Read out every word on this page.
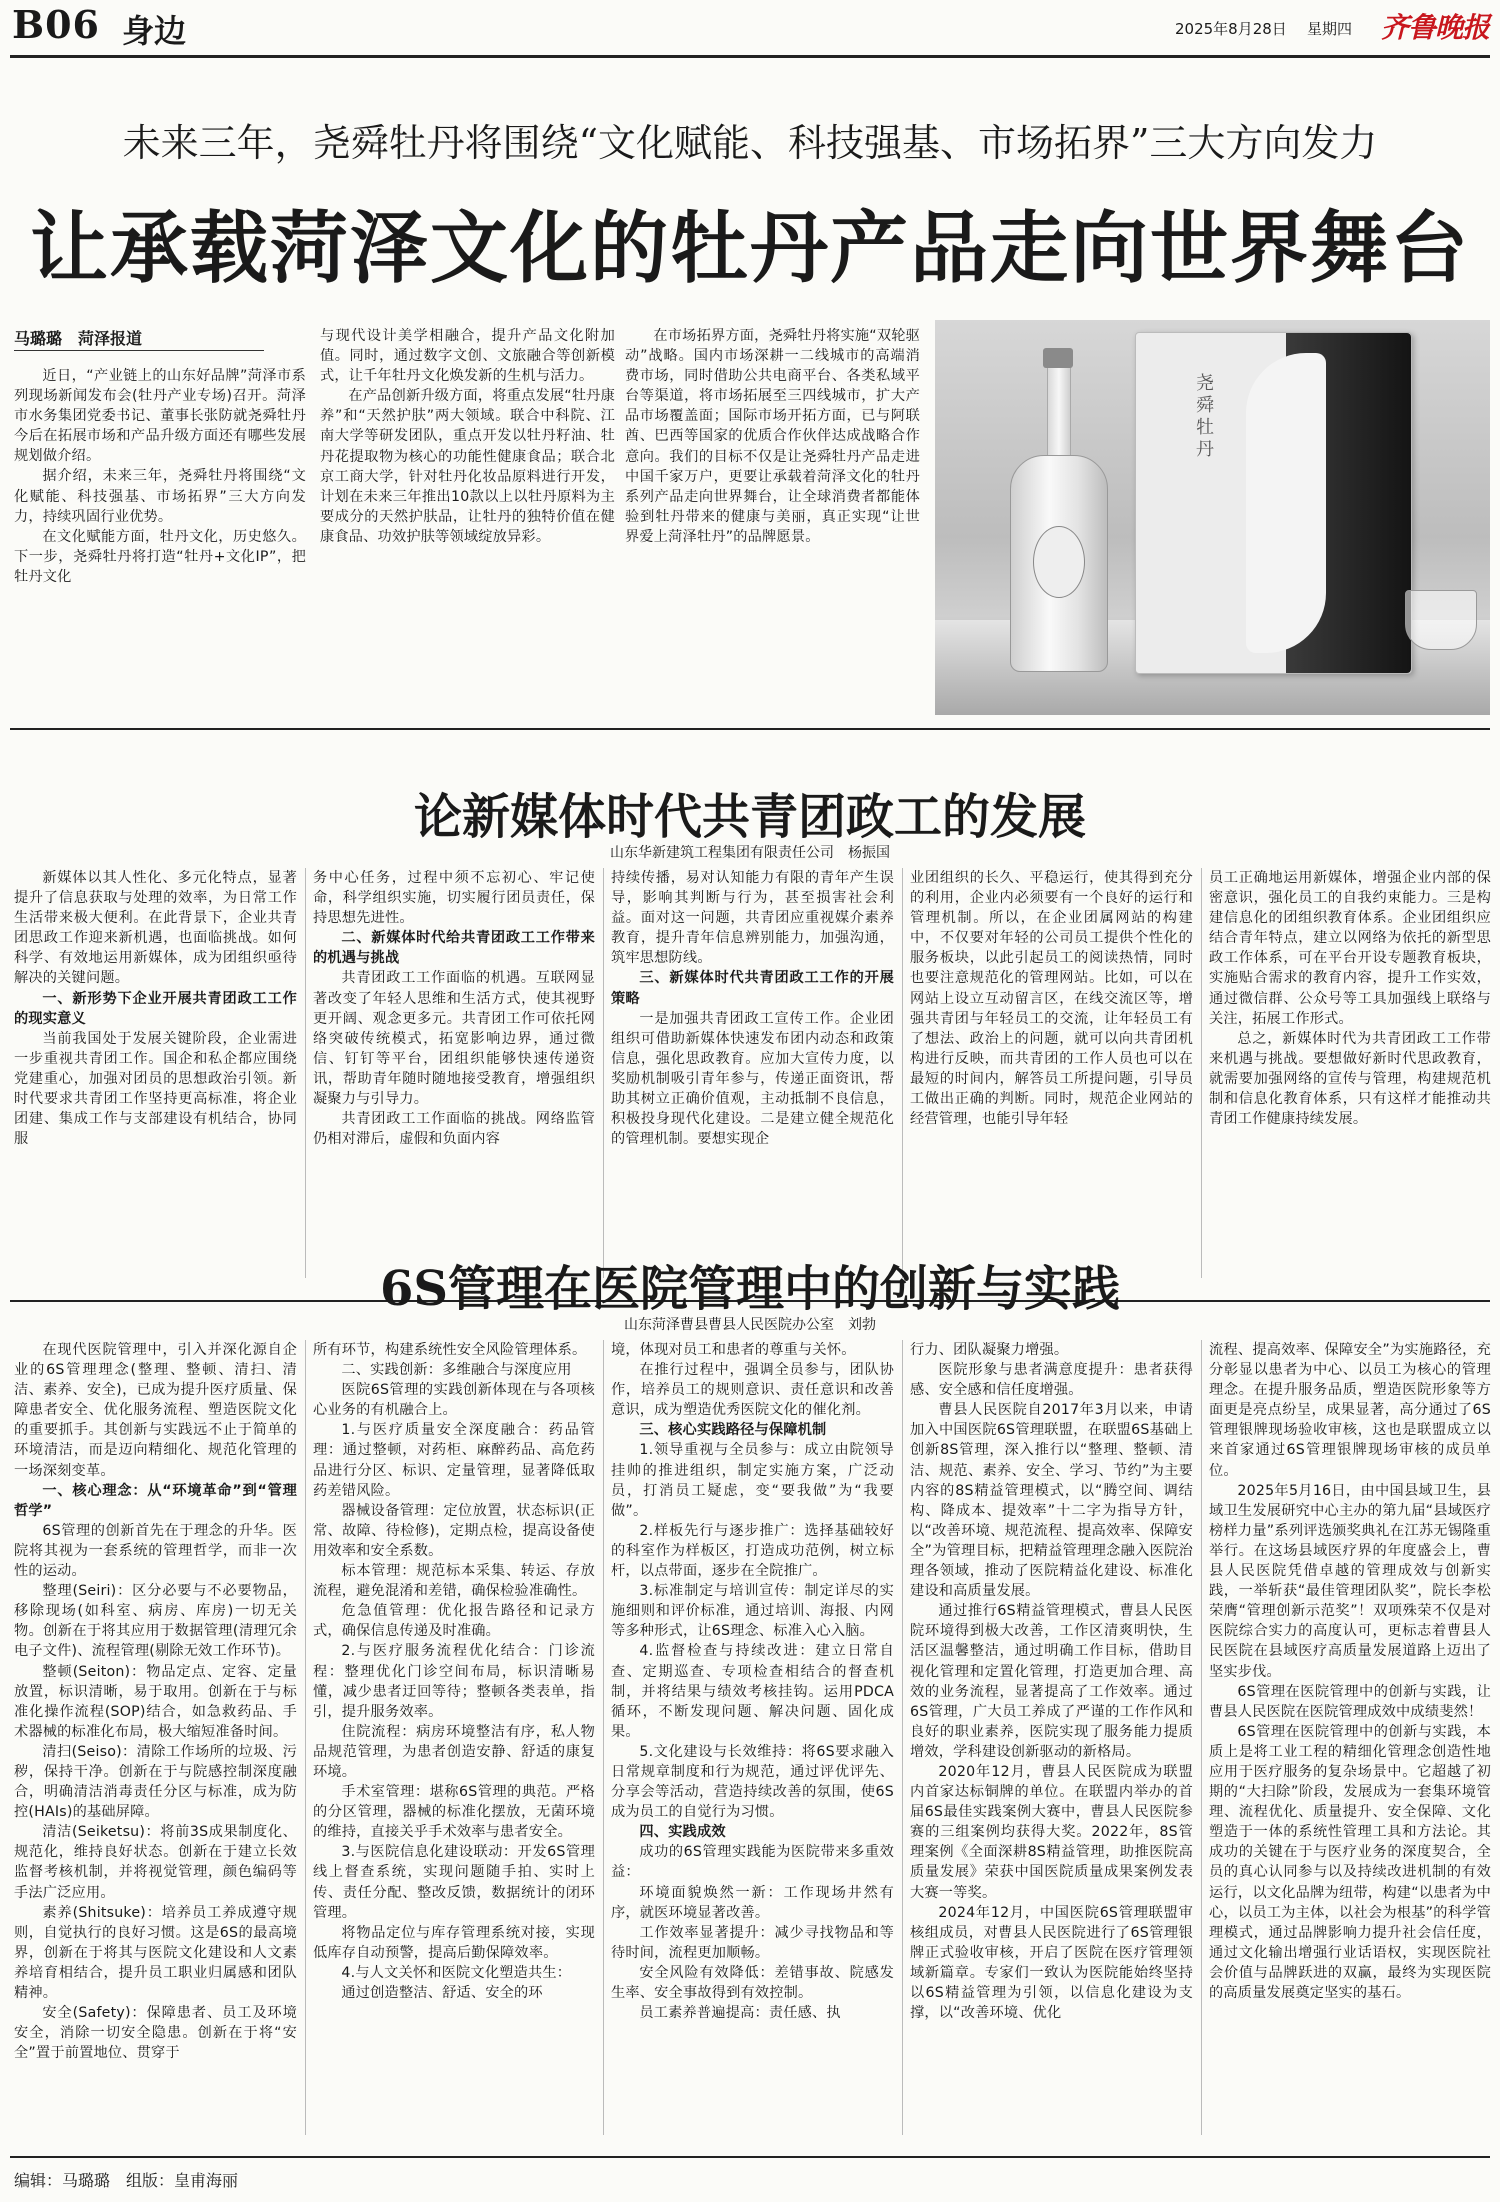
B06 身边	2025年8月28日 星期四 齐鲁晚报
未来三年，尧舜牡丹将围绕“文化赋能、科技强基、市场拓界”三大方向发力
让承载菏泽文化的牡丹产品走向世界舞台
马璐璐　菏泽报道

近日，“产业链上的山东好品牌”菏泽市系列现场新闻发布会(牡丹产业专场)召开。菏泽市水务集团党委书记、董事长张防就尧舜牡丹今后在拓展市场和产品升级方面还有哪些发展规划做介绍。

据介绍，未来三年，尧舜牡丹将围绕“文化赋能、科技强基、市场拓界”三大方向发力，持续巩固行业优势。

在文化赋能方面，牡丹文化，历史悠久。下一步，尧舜牡丹将打造“牡丹+文化IP”，把牡丹文化

与现代设计美学相融合，提升产品文化附加值。同时，通过数字文创、文旅融合等创新模式，让千年牡丹文化焕发新的生机与活力。

在产品创新升级方面，将重点发展“牡丹康养”和“天然护肤”两大领域。联合中科院、江南大学等研发团队，重点开发以牡丹籽油、牡丹花提取物为核心的功能性健康食品；联合北京工商大学，针对牡丹化妆品原料进行开发，计划在未来三年推出10款以上以牡丹原料为主要成分的天然护肤品，让牡丹的独特价值在健康食品、功效护肤等领域绽放异彩。

在市场拓界方面，尧舜牡丹将实施“双轮驱动”战略。国内市场深耕一二线城市的高端消费市场，同时借助公共电商平台、各类私域平台等渠道，将市场拓展至三四线城市，扩大产品市场覆盖面；国际市场开拓方面，已与阿联酋、巴西等国家的优质合作伙伴达成战略合作意向。我们的目标不仅是让尧舜牡丹产品走进中国千家万户，更要让承载着菏泽文化的牡丹系列产品走向世界舞台，让全球消费者都能体验到牡丹带来的健康与美丽，真正实现“让世界爱上菏泽牡丹”的品牌愿景。

尧舜牡丹
论新媒体时代共青团政工的发展
山东华新建筑工程集团有限责任公司　杨振国

新媒体以其人性化、多元化特点，显著提升了信息获取与处理的效率，为日常工作生活带来极大便利。在此背景下，企业共青团思政工作迎来新机遇，也面临挑战。如何科学、有效地运用新媒体，成为团组织亟待解决的关键问题。

一、新形势下企业开展共青团政工工作的现实意义

当前我国处于发展关键阶段，企业需进一步重视共青团工作。国企和私企都应围绕党建重心，加强对团员的思想政治引领。新时代要求共青团工作坚持更高标准，将企业团建、集成工作与支部建设有机结合，协同服

务中心任务，过程中须不忘初心、牢记使命，科学组织实施，切实履行团员责任，保持思想先进性。

二、新媒体时代给共青团政工工作带来的机遇与挑战

共青团政工工作面临的机遇。互联网显著改变了年轻人思维和生活方式，使其视野更开阔、观念更多元。共青团工作可依托网络突破传统模式，拓宽影响边界，通过微信、钉钉等平台，团组织能够快速传递资讯，帮助青年随时随地接受教育，增强组织凝聚力与引导力。

共青团政工工作面临的挑战。网络监管仍相对滞后，虚假和负面内容

持续传播，易对认知能力有限的青年产生误导，影响其判断与行为，甚至损害社会利益。面对这一问题，共青团应重视媒介素养教育，提升青年信息辨别能力，加强沟通，筑牢思想防线。

三、新媒体时代共青团政工工作的开展策略

一是加强共青团政工宣传工作。企业团组织可借助新媒体快速发布团内动态和政策信息，强化思政教育。应加大宣传力度，以奖励机制吸引青年参与，传递正面资讯，帮助其树立正确价值观，主动抵制不良信息，积极投身现代化建设。二是建立健全规范化的管理机制。要想实现企

业团组织的长久、平稳运行，使其得到充分的利用，企业内必须要有一个良好的运行和管理机制。所以，在企业团属网站的构建中，不仅要对年轻的公司员工提供个性化的服务板块，以此引起员工的阅读热情，同时也要注意规范化的管理网站。比如，可以在网站上设立互动留言区，在线交流区等，增强共青团与年轻员工的交流，让年轻员工有了想法、政治上的问题，就可以向共青团机构进行反映，而共青团的工作人员也可以在最短的时间内，解答员工所提问题，引导员工做出正确的判断。同时，规范企业网站的经营管理，也能引导年轻

员工正确地运用新媒体，增强企业内部的保密意识，强化员工的自我约束能力。三是构建信息化的团组织教育体系。企业团组织应结合青年特点，建立以网络为依托的新型思政工作体系，可在平台开设专题教育板块，实施贴合需求的教育内容，提升工作实效，通过微信群、公众号等工具加强线上联络与关注，拓展工作形式。

总之，新媒体时代为共青团政工工作带来机遇与挑战。要想做好新时代思政教育，就需要加强网络的宣传与管理，构建规范机制和信息化教育体系，只有这样才能推动共青团工作健康持续发展。

6S管理在医院管理中的创新与实践
山东菏泽曹县曹县人民医院办公室　刘勃

在现代医院管理中，引入并深化源自企业的6S管理理念(整理、整顿、清扫、清洁、素养、安全)，已成为提升医疗质量、保障患者安全、优化服务流程、塑造医院文化的重要抓手。其创新与实践远不止于简单的环境清洁，而是迈向精细化、规范化管理的一场深刻变革。

一、核心理念：从“环境革命”到“管理哲学”

6S管理的创新首先在于理念的升华。医院将其视为一套系统的管理哲学，而非一次性的运动。

整理(Seiri)：区分必要与不必要物品，移除现场(如科室、病房、库房)一切无关物。创新在于将其应用于数据管理(清理冗余电子文件)、流程管理(剔除无效工作环节)。

整顿(Seiton)：物品定点、定容、定量放置，标识清晰，易于取用。创新在于与标准化操作流程(SOP)结合，如急救药品、手术器械的标准化布局，极大缩短准备时间。

清扫(Seiso)：清除工作场所的垃圾、污秽，保持干净。创新在于与院感控制深度融合，明确清洁消毒责任分区与标准，成为防控(HAIs)的基础屏障。

清洁(Seiketsu)：将前3S成果制度化、规范化，维持良好状态。创新在于建立长效监督考核机制，并将视觉管理，颜色编码等手法广泛应用。

素养(Shitsuke)：培养员工养成遵守规则，自觉执行的良好习惯。这是6S的最高境界，创新在于将其与医院文化建设和人文素养培育相结合，提升员工职业归属感和团队精神。

安全(Safety)：保障患者、员工及环境安全，消除一切安全隐患。创新在于将“安全”置于前置地位、贯穿于

所有环节，构建系统性安全风险管理体系。

二、实践创新：多维融合与深度应用

医院6S管理的实践创新体现在与各项核心业务的有机融合上。

1.与医疗质量安全深度融合：药品管理：通过整顿，对药柜、麻醉药品、高危药品进行分区、标识、定量管理，显著降低取药差错风险。

器械设备管理：定位放置，状态标识(正常、故障、待检修)，定期点检，提高设备使用效率和安全系数。

标本管理：规范标本采集、转运、存放流程，避免混淆和差错，确保检验准确性。

危急值管理：优化报告路径和记录方式，确保信息传递及时准确。

2.与医疗服务流程优化结合：门诊流程：整理优化门诊空间布局，标识清晰易懂，减少患者迂回等待；整顿各类表单，指引，提升服务效率。

住院流程：病房环境整洁有序，私人物品规范管理，为患者创造安静、舒适的康复环境。

手术室管理：堪称6S管理的典范。严格的分区管理，器械的标准化摆放，无菌环境的维持，直接关乎手术效率与患者安全。

3.与医院信息化建设联动：开发6S管理线上督查系统，实现问题随手拍、实时上传、责任分配、整改反馈，数据统计的闭环管理。

将物品定位与库存管理系统对接，实现低库存自动预警，提高后勤保障效率。

4.与人文关怀和医院文化塑造共生：

通过创造整洁、舒适、安全的环

境，体现对员工和患者的尊重与关怀。

在推行过程中，强调全员参与，团队协作，培养员工的规则意识、责任意识和改善意识，成为塑造优秀医院文化的催化剂。

三、核心实践路径与保障机制

1.领导重视与全员参与：成立由院领导挂帅的推进组织，制定实施方案，广泛动员，打消员工疑虑，变“要我做”为“我要做”。

2.样板先行与逐步推广：选择基础较好的科室作为样板区，打造成功范例，树立标杆，以点带面，逐步在全院推广。

3.标准制定与培训宣传：制定详尽的实施细则和评价标准，通过培训、海报、内网等多种形式，让6S理念、标准入心入脑。

4.监督检查与持续改进：建立日常自查、定期巡查、专项检查相结合的督查机制，并将结果与绩效考核挂钩。运用PDCA循环，不断发现问题、解决问题、固化成果。

5.文化建设与长效维持：将6S要求融入日常规章制度和行为规范，通过评优评先、分享会等活动，营造持续改善的氛围，使6S成为员工的自觉行为习惯。

四、实践成效

成功的6S管理实践能为医院带来多重效益：

环境面貌焕然一新：工作现场井然有序，就医环境显著改善。

工作效率显著提升：减少寻找物品和等待时间，流程更加顺畅。

安全风险有效降低：差错事故、院感发生率、安全事故得到有效控制。

员工素养普遍提高：责任感、执

行力、团队凝聚力增强。

医院形象与患者满意度提升：患者获得感、安全感和信任度增强。

曹县人民医院自2017年3月以来，申请加入中国医院6S管理联盟，在联盟6S基础上创新8S管理，深入推行以“整理、整顿、清洁、规范、素养、安全、学习、节约”为主要内容的8S精益管理模式，以“腾空间、调结构、降成本、提效率”十二字为指导方针，以“改善环境、规范流程、提高效率、保障安全”为管理目标，把精益管理理念融入医院治理各领域，推动了医院精益化建设、标准化建设和高质量发展。

通过推行6S精益管理模式，曹县人民医院环境得到极大改善，工作区清爽明快，生活区温馨整洁，通过明确工作目标，借助目视化管理和定置化管理，打造更加合理、高效的业务流程，显著提高了工作效率。通过6S管理，广大员工养成了严谨的工作作风和良好的职业素养，医院实现了服务能力提质增效，学科建设创新驱动的新格局。

2020年12月，曹县人民医院成为联盟内首家达标铜牌的单位。在联盟内举办的首届6S最佳实践案例大赛中，曹县人民医院参赛的三组案例均获得大奖。2022年，8S管理案例《全面深耕8S精益管理，助推医院高质量发展》荣获中国医院质量成果案例发表大赛一等奖。

2024年12月，中国医院6S管理联盟审核组成员，对曹县人民医院进行了6S管理银牌正式验收审核，开启了医院在医疗管理领域新篇章。专家们一致认为医院能始终坚持以6S精益管理为引领，以信息化建设为支撑，以“改善环境、优化

流程、提高效率、保障安全”为实施路径，充分彰显以患者为中心、以员工为核心的管理理念。在提升服务品质，塑造医院形象等方面更是亮点纷呈，成果显著，高分通过了6S管理银牌现场验收审核，这也是联盟成立以来首家通过6S管理银牌现场审核的成员单位。

2025年5月16日，由中国县域卫生，县域卫生发展研究中心主办的第九届“县域医疗榜样力量”系列评选颁奖典礼在江苏无锡隆重举行。在这场县域医疗界的年度盛会上，曹县人民医院凭借卓越的管理成效与创新实践，一举斩获“最佳管理团队奖”，院长李松荣膺“管理创新示范奖”！双项殊荣不仅是对医院综合实力的高度认可，更标志着曹县人民医院在县域医疗高质量发展道路上迈出了坚实步伐。

6S管理在医院管理中的创新与实践，让曹县人民医院在医院管理成效中成绩斐然！

6S管理在医院管理中的创新与实践，本质上是将工业工程的精细化管理念创造性地应用于医疗服务的复杂场景中。它超越了初期的“大扫除”阶段，发展成为一套集环境管理、流程优化、质量提升、安全保障、文化塑造于一体的系统性管理工具和方法论。其成功的关键在于与医疗业务的深度契合，全员的真心认同参与以及持续改进机制的有效运行，以文化品牌为纽带，构建“以患者为中心，以员工为主体，以社会为根基”的科学管理模式，通过品牌影响力提升社会信任度，通过文化输出增强行业话语权，实现医院社会价值与品牌跃进的双赢，最终为实现医院的高质量发展奠定坚实的基石。

编辑：马璐璐　组版：皇甫海丽
